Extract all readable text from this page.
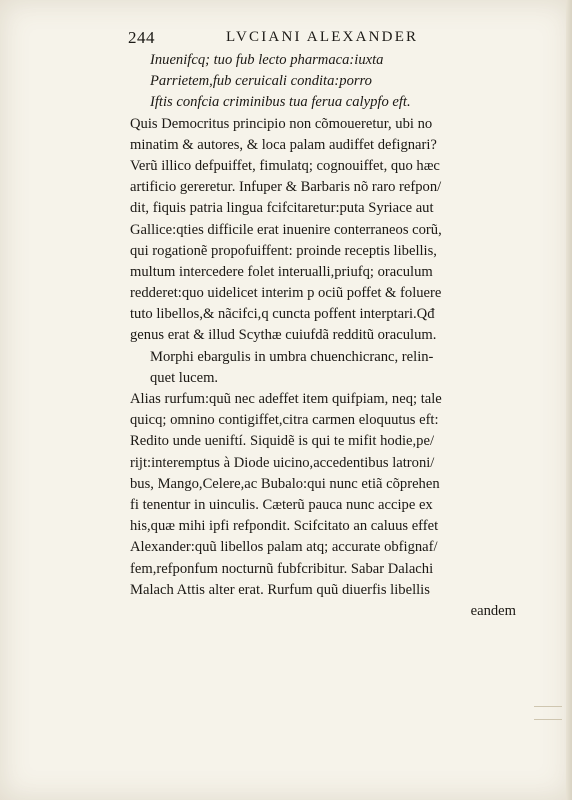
244	LVCIANI ALEXANDER
Inuenifcq; tuo fub lecto pharmaca:iuxta
Parrietem,fub ceruicali condita:porro
Iftis confcia criminibus tua ferua calypfo eft.
Quis Democritus principio non cõmoueretur, ubi no
minatim & autores, & loca palam audiffet defignari?
Verũ illico defpuiffet, fimulatq; cognouiffet, quo hæc
artificio gereretur. Infuper & Barbaris nõ raro refpon/
dit, fiquis patria lingua fcifcitaretur:puta Syriace aut
Gallice:qties difficile erat inuenire conterraneos corũ,
qui rogationẽ propofuiffent: proinde receptis libellis,
multum intercedere folet interualli,priufq; oraculum
redderet:quo uidelicet interim p ociũ poffet & foluere
tuto libellos,& nãcifci,q cuncta poffent interptari.Qđ
genus erat & illud Scythæ cuiufdã redditũ oraculum.
Morphi ebargulis in umbra chuenchicranc, relin-
quet lucem.
Alias rurfum:quũ nec adeffet item quifpiam, neq; tale
quicq; omnino contigiffet,citra carmen eloquutus eft:
Redito unde ueniftí. Siquidẽ is qui te mifit hodie,pe/
rijt:interemptus à Diode uicino,accedentibus latroni/
bus, Mango,Celere,ac Bubalo:qui nunc etiã cõprehen
fi tenentur in uinculis. Cæterũ pauca nunc accipe ex
his,quæ mihi ipfi refpondit. Scifcitato an caluus effet
Alexander:quũ libellos palam atq; accurate obfignaf/
fem,refponfum nocturnũ fubfcribitur. Sabar Dalachi
Malach Attis alter erat. Rurfum quũ diuerfis libellis
eandem
